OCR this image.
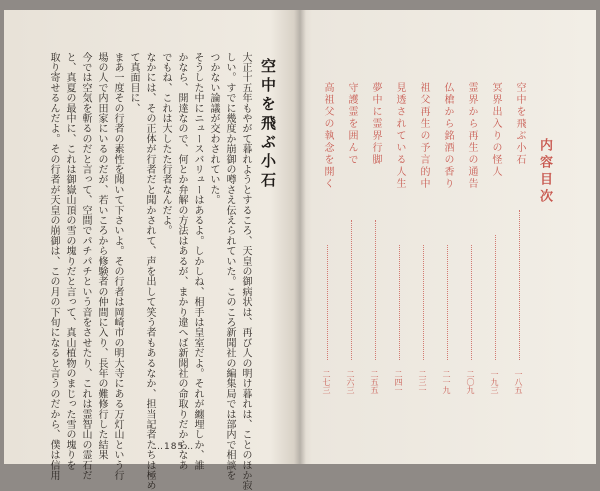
空中を飛ぶ小石
大正十五年もやがて暮れようとするころ、天皇の御病状は、再び人の明け暮れは、ことのほか寂
しい。すでに幾度か崩御の噂さえ伝えられていた。このころ新聞社の編集局では部内で相談を
つかない論議が交わされていた。
そうした中にニュースバリューはあるよ。しかしね、相手は皇室だよ。それが纏埋しか、誰
かなら、開達なので、何とか弁解の方法はあるが、まかり違へば新聞社の命取りだからなあ
でもね、これは大したた行者なんだよ。
なかには、その正体が行者だと聞かされて、声を出して笑う者もあるなか、担当記者たちは極め
て真面目に、
まあ一度その行者の素性を聞いて下さいよ。その行者は岡崎市の明大寺にある万灯山という行
場の人で内田家にいるのだが、若いころから修験者の仲間に入り、長年の難修行した結果
今では空気を斬るのだと言って、空間でパチパチという音をさせたり、これは霊智山の霊石だ
と、真夏の最中に、これは御嶽山頂の雪の塊りだと言って、真山植物のまじった雪の塊りを
取り寄せるんだよ。その行者が天皇の崩御は、この月の下旬になると言うのだから、僕は信用	…185…
内容目次
空中を飛ぶ小石
一八五
冥界出入りの怪人
一九三
霊界から再生の通告
二〇九
仏槍から銘酒の香り
二一九
祖父再生の予言的中
二三一
見透されている人生
二四一
夢中に霊界行脚
二五五
守護霊を囲んで
二六三
高祖父の執念を開く
二七三
